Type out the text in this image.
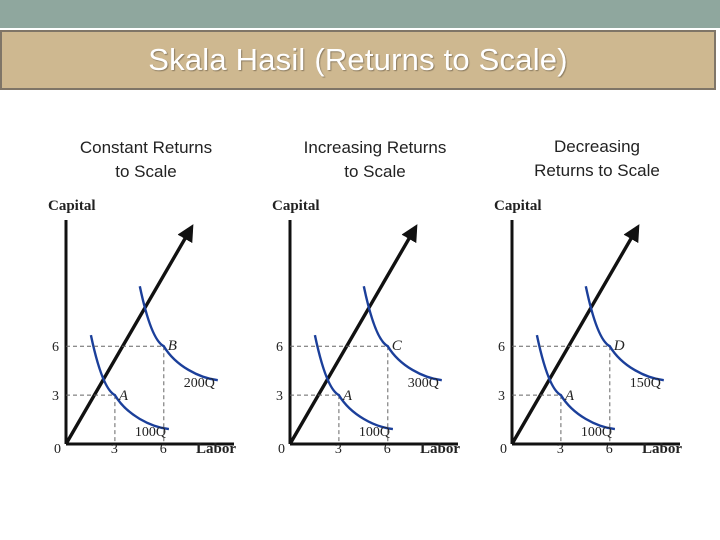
Skala Hasil (Returns to Scale)
Constant Returns
to Scale
Increasing Returns
to Scale
Decreasing
Returns to Scale
Capital
Labor
0	3	6
3
6
A
100Q
B
200Q
Capital
Labor
0	3	6
3
6
A
100Q
C
300Q
Capital
Labor
0	3	6
3
6
A
100Q
D
150Q
